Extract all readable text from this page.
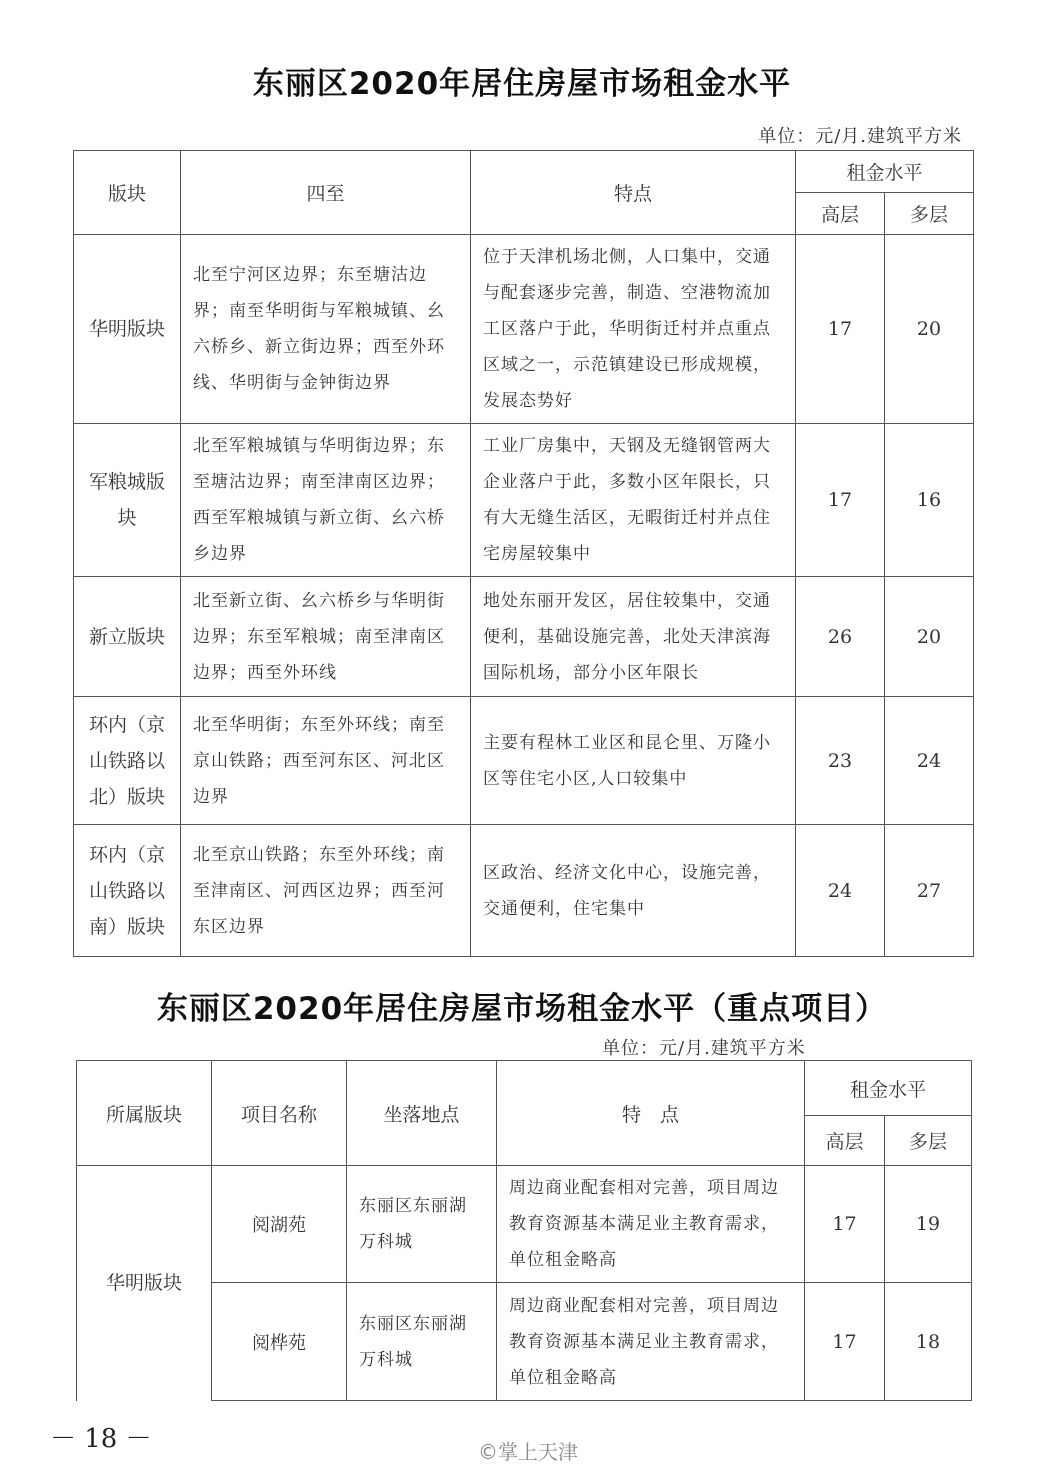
东丽区2020年居住房屋市场租金水平
单位：元/月.建筑平方米
版块	四至	特点	租金水平	
			高层	多层
华明版块	北至宁河区边界；东至塘沽边界；南至华明街与军粮城镇、幺六桥乡、新立街边界；西至外环线、华明街与金钟街边界	位于天津机场北侧，人口集中，交通与配套逐步完善，制造、空港物流加工区落户于此，华明街迁村并点重点区域之一，示范镇建设已形成规模，发展态势好	17	20
军粮城版块	北至军粮城镇与华明街边界；东至塘沽边界；南至津南区边界；西至军粮城镇与新立街、幺六桥乡边界	工业厂房集中，天钢及无缝钢管两大企业落户于此，多数小区年限长，只有大无缝生活区，无暇街迁村并点住宅房屋较集中	17	16
新立版块	北至新立街、幺六桥乡与华明街边界；东至军粮城；南至津南区边界；西至外环线	地处东丽开发区，居住较集中，交通便利，基础设施完善，北处天津滨海国际机场，部分小区年限长	26	20
环内（京山铁路以北）版块	北至华明街；东至外环线；南至京山铁路；西至河东区、河北区边界	主要有程林工业区和昆仑里、万隆小区等住宅小区,人口较集中	23	24
环内（京山铁路以南）版块	北至京山铁路；东至外环线；南至津南区、河西区边界；西至河东区边界	区政治、经济文化中心，设施完善，交通便利，住宅集中	24	27
东丽区2020年居住房屋市场租金水平（重点项目）
单位：元/月.建筑平方米
所属版块	项目名称	坐落地点	特　点	租金水平	
				高层	多层
华明版块	阅湖苑	东丽区东丽湖万科城	周边商业配套相对完善，项目周边教育资源基本满足业主教育需求，单位租金略高	17	19
	阅桦苑	东丽区东丽湖万科城	周边商业配套相对完善，项目周边教育资源基本满足业主教育需求，单位租金略高	17	18
－ 18 －	©掌上天津
